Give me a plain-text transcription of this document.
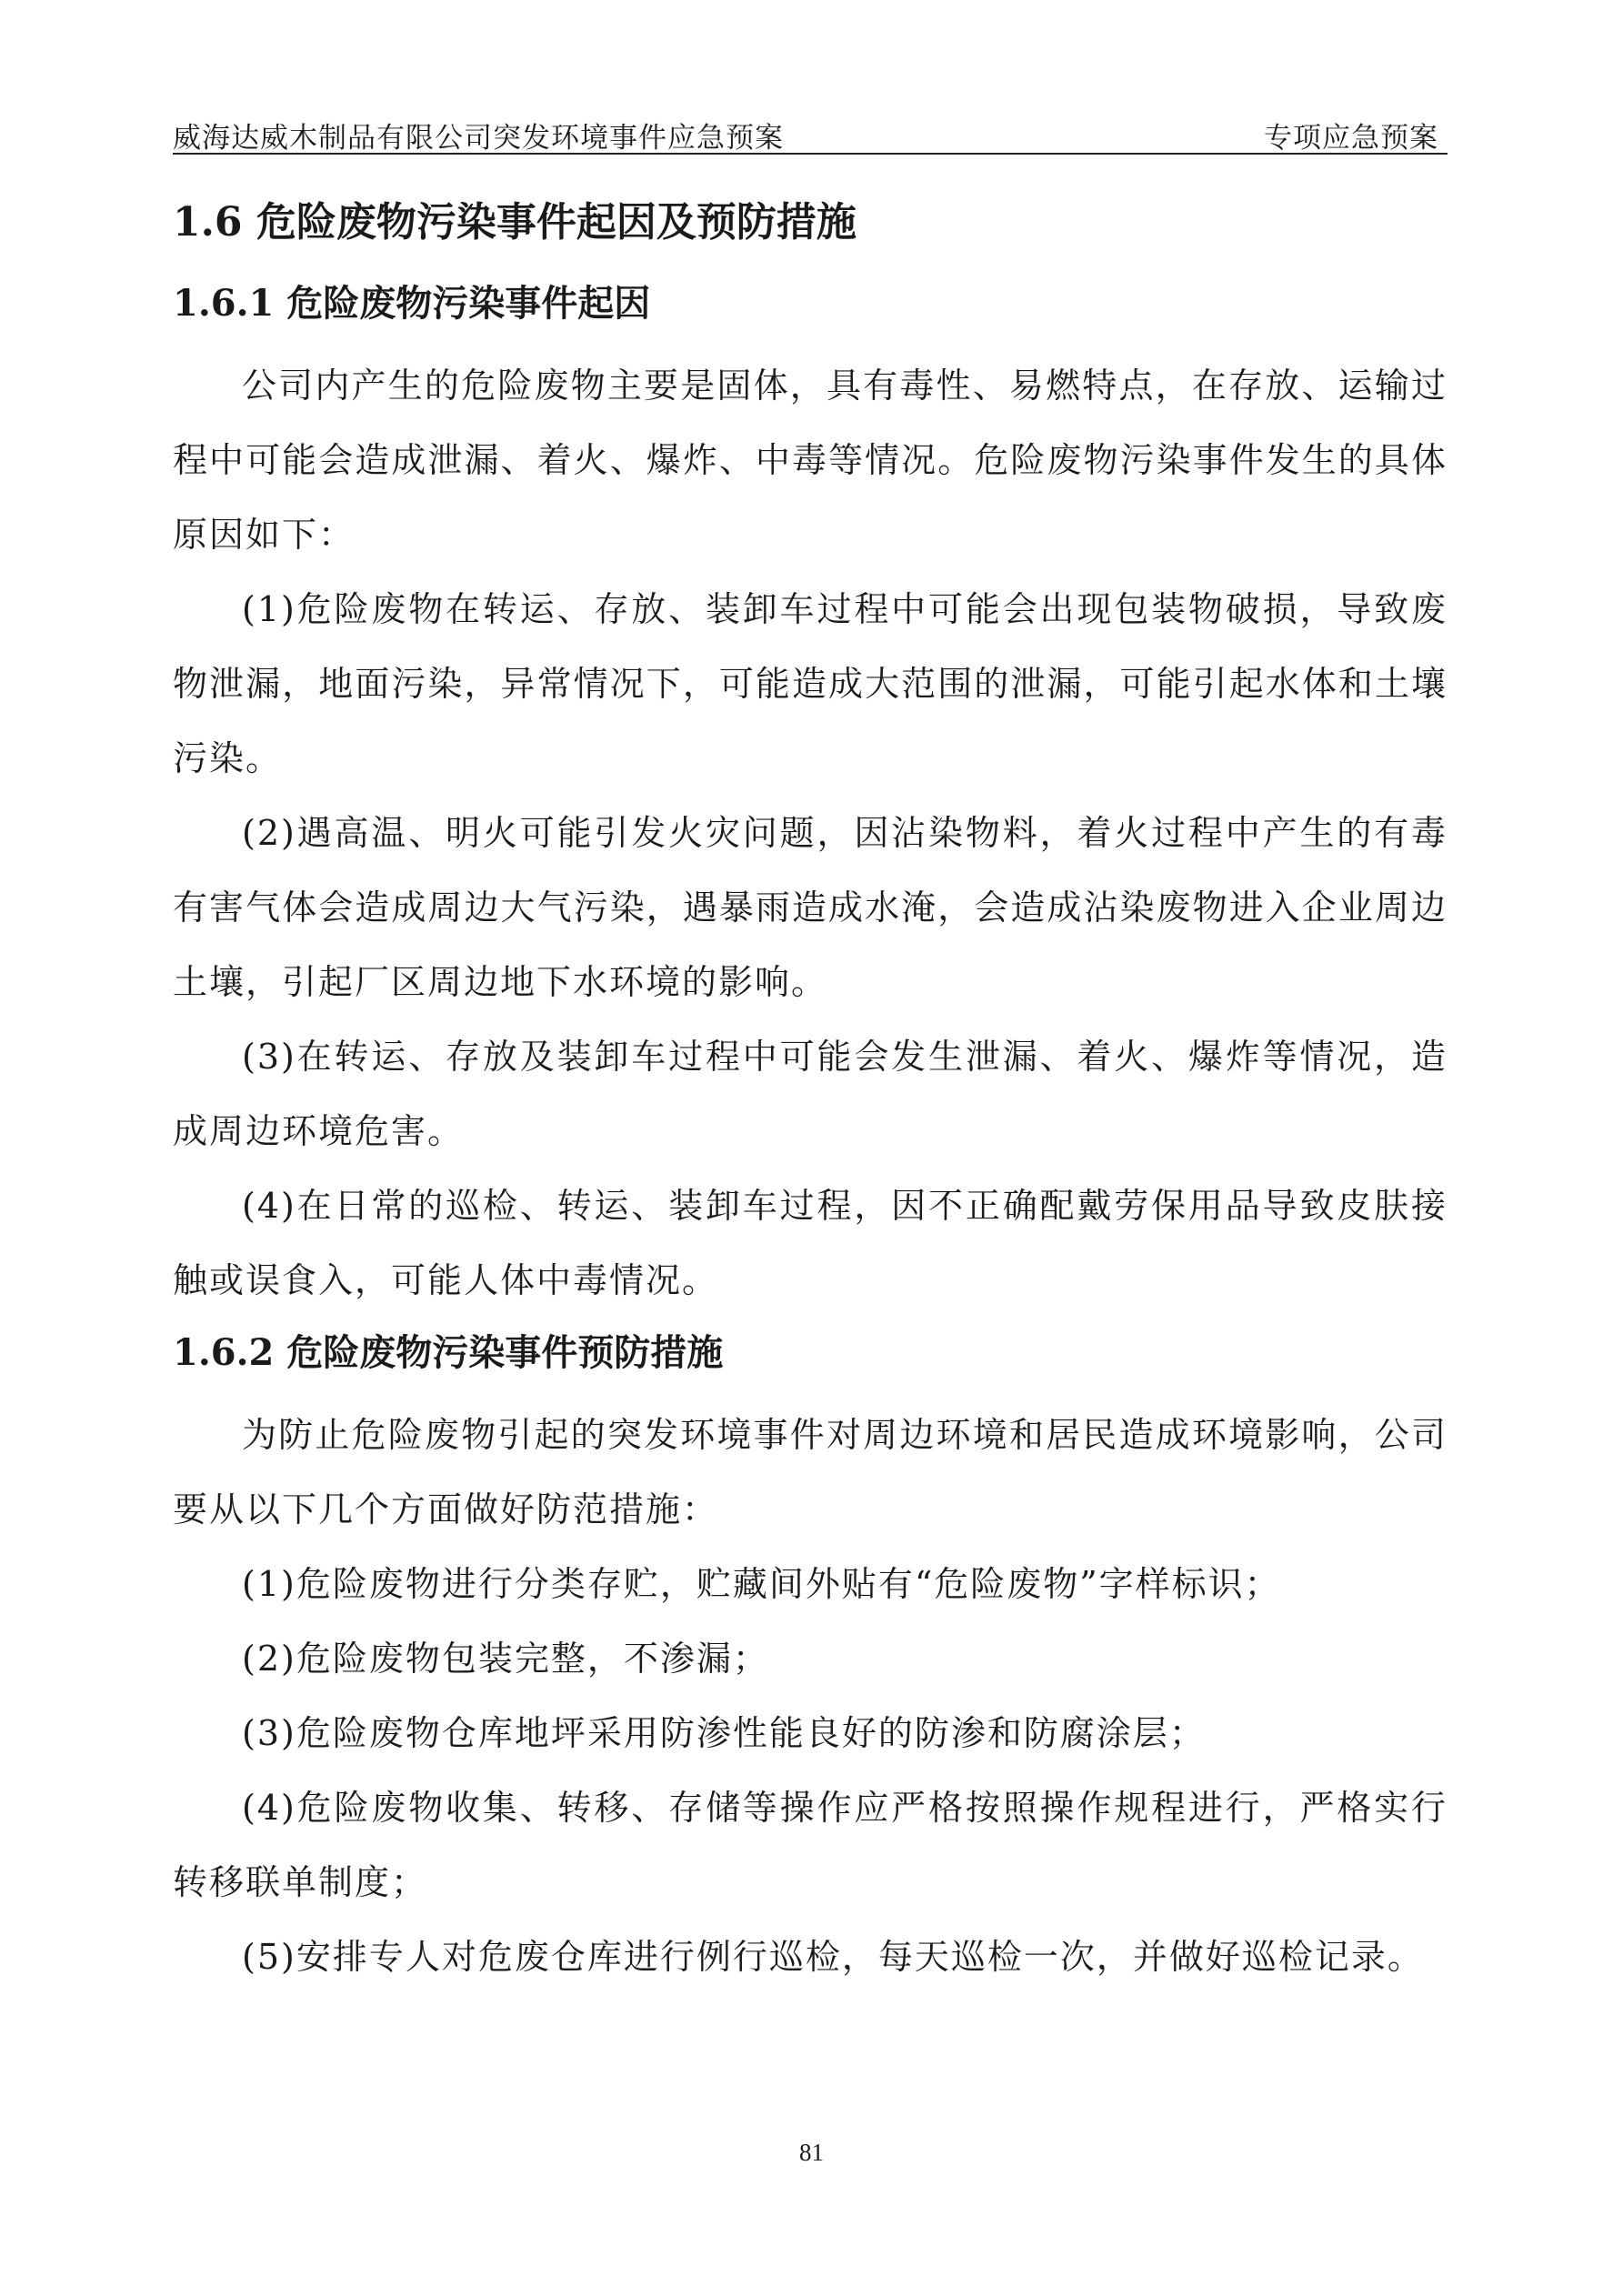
威海达威木制品有限公司突发环境事件应急预案	专项应急预案
1.6 危险废物污染事件起因及预防措施
1.6.1 危险废物污染事件起因

公司内产生的危险废物主要是固体，具有毒性、易燃特点，在存放、运输过程中可能会造成泄漏、着火、爆炸、中毒等情况。危险废物污染事件发生的具体原因如下：

(1)危险废物在转运、存放、装卸车过程中可能会出现包装物破损，导致废物泄漏，地面污染，异常情况下，可能造成大范围的泄漏，可能引起水体和土壤污染。

(2)遇高温、明火可能引发火灾问题，因沾染物料，着火过程中产生的有毒有害气体会造成周边大气污染，遇暴雨造成水淹，会造成沾染废物进入企业周边土壤，引起厂区周边地下水环境的影响。

(3)在转运、存放及装卸车过程中可能会发生泄漏、着火、爆炸等情况，造成周边环境危害。

(4)在日常的巡检、转运、装卸车过程，因不正确配戴劳保用品导致皮肤接触或误食入，可能人体中毒情况。

1.6.2 危险废物污染事件预防措施

为防止危险废物引起的突发环境事件对周边环境和居民造成环境影响，公司要从以下几个方面做好防范措施：

(1)危险废物进行分类存贮，贮藏间外贴有“危险废物”字样标识；

(2)危险废物包装完整，不渗漏；

(3)危险废物仓库地坪采用防渗性能良好的防渗和防腐涂层；

(4)危险废物收集、转移、存储等操作应严格按照操作规程进行，严格实行转移联单制度；

(5)安排专人对危废仓库进行例行巡检，每天巡检一次，并做好巡检记录。

81
